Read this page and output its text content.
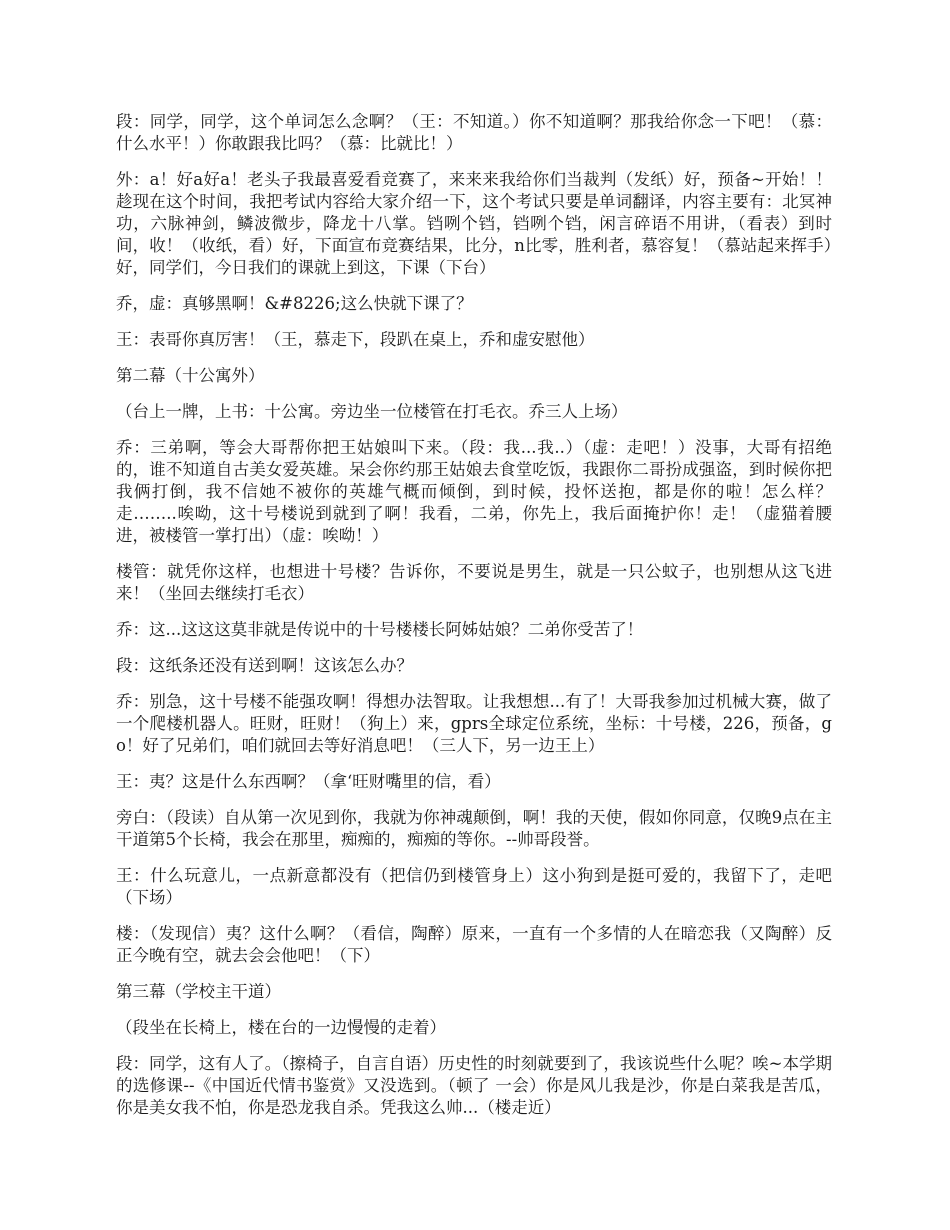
段：同学，同学，这个单词怎么念啊？（王：不知道。）你不知道啊？那我给你念一下吧！（慕：什么水平！）你敢跟我比吗？（慕：比就比！）

外：a！好a好a！老头子我最喜爱看竞赛了，来来来我给你们当裁判（发纸）好，预备~开始！！趁现在这个时间，我把考试内容给大家介绍一下，这个考试只要是单词翻译，内容主要有：北冥神功，六脉神剑，鳞波微步，降龙十八掌。铛咧个铛，铛咧个铛，闲言碎语不用讲，（看表）到时间，收！（收纸，看）好，下面宣布竞赛结果，比分，n比零，胜利者，慕容复！（慕站起来挥手）好，同学们，今日我们的课就上到这，下课（下台）

乔，虚：真够黑啊！&#8226;这么快就下课了？

王：表哥你真厉害！（王，慕走下，段趴在桌上，乔和虚安慰他）

第二幕（十公寓外）

（台上一牌，上书：十公寓。旁边坐一位楼管在打毛衣。乔三人上场）

乔：三弟啊，等会大哥帮你把王姑娘叫下来。（段：我...我..）（虚：走吧！）没事，大哥有招绝的，谁不知道自古美女爱英雄。呆会你约那王姑娘去食堂吃饭，我跟你二哥扮成强盗，到时候你把我俩打倒，我不信她不被你的英雄气概而倾倒，到时候，投怀送抱，都是你的啦！怎么样？走……..唉呦，这十号楼说到就到了啊！我看，二弟，你先上，我后面掩护你！走！（虚猫着腰进，被楼管一掌打出）（虚：唉呦！）

楼管：就凭你这样，也想进十号楼？告诉你，不要说是男生，就是一只公蚊子，也别想从这飞进来！（坐回去继续打毛衣）

乔：这...这这这莫非就是传说中的十号楼楼长阿姊姑娘？二弟你受苦了！

段：这纸条还没有送到啊！这该怎么办？

乔：别急，这十号楼不能强攻啊！得想办法智取。让我想想...有了！大哥我参加过机械大赛，做了一个爬楼机器人。旺财，旺财！（狗上）来，gprs全球定位系统，坐标：十号楼，226，预备，go！好了兄弟们，咱们就回去等好消息吧！（三人下，另一边王上）

王：夷？这是什么东西啊？（拿‘旺财嘴里的信，看）

旁白：（段读）自从第一次见到你，我就为你神魂颠倒，啊！我的天使，假如你同意，仅晚9点在主干道第5个长椅，我会在那里，痴痴的，痴痴的等你。--帅哥段誉。

王：什么玩意儿，一点新意都没有（把信仍到楼管身上）这小狗到是挺可爱的，我留下了，走吧（下场）

楼：（发现信）夷？这什么啊？（看信，陶醉）原来，一直有一个多情的人在暗恋我（又陶醉）反正今晚有空，就去会会他吧！（下）

第三幕（学校主干道）

（段坐在长椅上，楼在台的一边慢慢的走着）

段：同学，这有人了。（擦椅子，自言自语）历史性的时刻就要到了，我该说些什么呢？唉~本学期的选修课--《中国近代情书鉴赏》又没选到。（顿了 一会）你是风儿我是沙，你是白菜我是苦瓜，你是美女我不怕，你是恐龙我自杀。凭我这么帅...（楼走近）
